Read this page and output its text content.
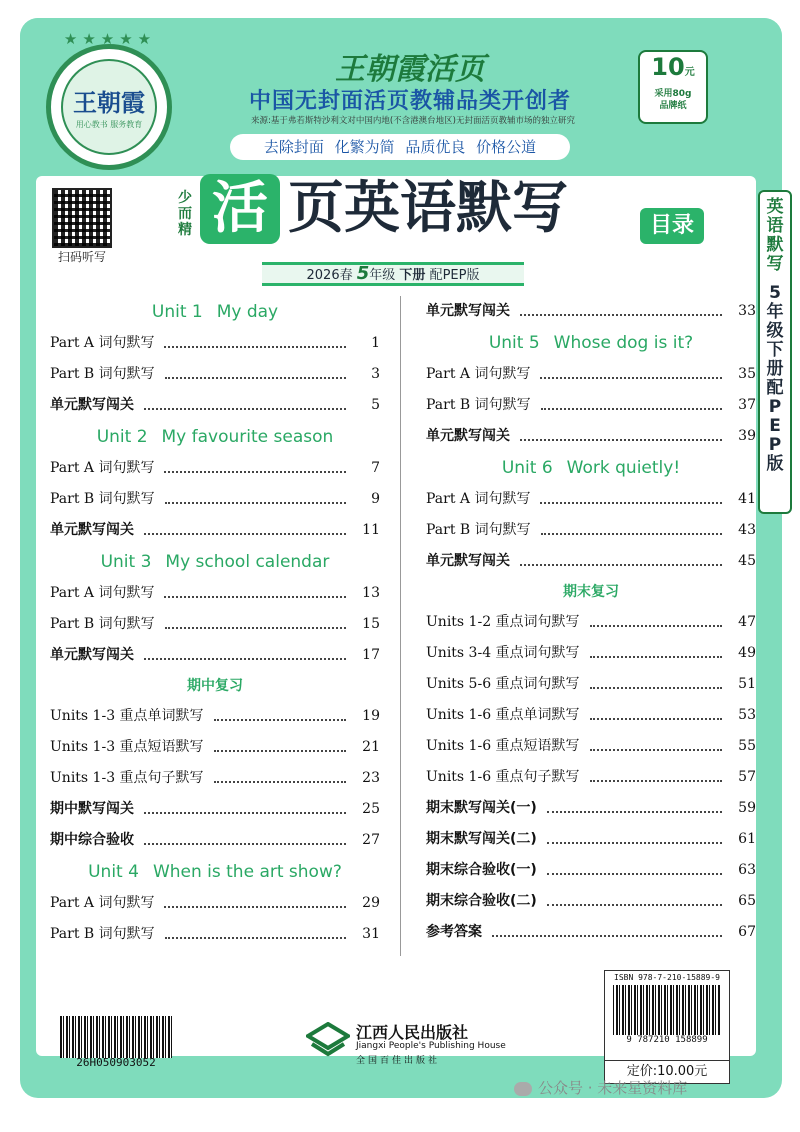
王朝霞
用心教书 服务教育
★★★★★
王朝霞活页
中国无封面活页教辅品类开创者
来源:基于弗若斯特沙利文对中国内地(不含港澳台地区)无封面活页教辅市场的独立研究
去除封面 化繁为简 品质优良 价格公道
10元
采用80g
品牌纸
扫码听写
少而精 活 页英语默写	目录
2026春 5年级 下册 配PEP版
英
语
默
写
5
年
级
下
册
配
P
E
P
版
Unit 1 My day
Part A 词句默写	1
Part B 词句默写	3
单元默写闯关	5
Unit 2 My favourite season
Part A 词句默写	7
Part B 词句默写	9
单元默写闯关	11
Unit 3 My school calendar
Part A 词句默写	13
Part B 词句默写	15
单元默写闯关	17
期中复习
Units 1-3 重点单词默写	19
Units 1-3 重点短语默写	21
Units 1-3 重点句子默写	23
期中默写闯关	25
期中综合验收	27
Unit 4 When is the art show?
Part A 词句默写	29
Part B 词句默写	31
单元默写闯关	33
Unit 5 Whose dog is it?
Part A 词句默写	35
Part B 词句默写	37
单元默写闯关	39
Unit 6 Work quietly!
Part A 词句默写	41
Part B 词句默写	43
单元默写闯关	45
期末复习
Units 1-2 重点词句默写	47
Units 3-4 重点词句默写	49
Units 5-6 重点词句默写	51
Units 1-6 重点单词默写	53
Units 1-6 重点短语默写	55
Units 1-6 重点句子默写	57
期末默写闯关(一)	59
期末默写闯关(二)	61
期末综合验收(一)	63
期末综合验收(二)	65
参考答案	67
26H050903052
江西人民出版社
Jiangxi People's Publishing House
全国百佳出版社
ISBN 978-7-210-15889-9
9 787210 158899
定价:10.00元
公众号 · 未来星资料库
